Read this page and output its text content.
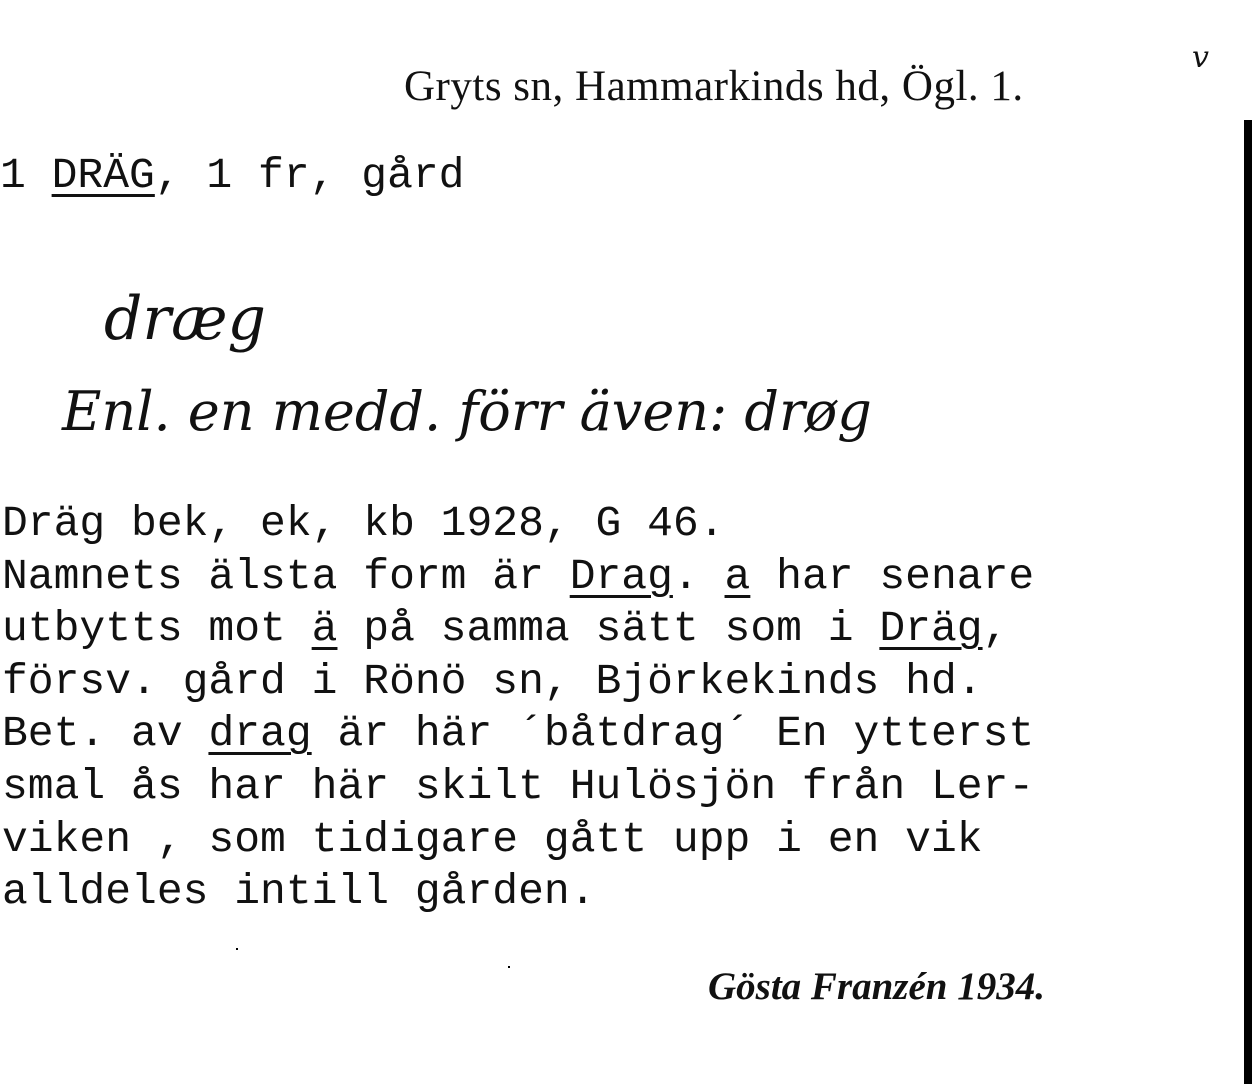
Gryts sn, Hammarkinds hd, Ögl. 1.
v
1 DRÄG, 1 fr, gård
dræg
Enl. en medd. förr även: drøg
Dräg bek, ek, kb 1928, G 46.
Namnets älsta form är Drag. a har senare
utbytts mot ä på samma sätt som i Dräg,
försv. gård i Rönö sn, Björkekinds hd.
Bet. av drag är här ´båtdrag´ En ytterst
smal ås har här skilt Hulösjön från Ler-
viken , som tidigare gått upp i en vik
alldeles intill gården.
Gösta Franzén 1934.
